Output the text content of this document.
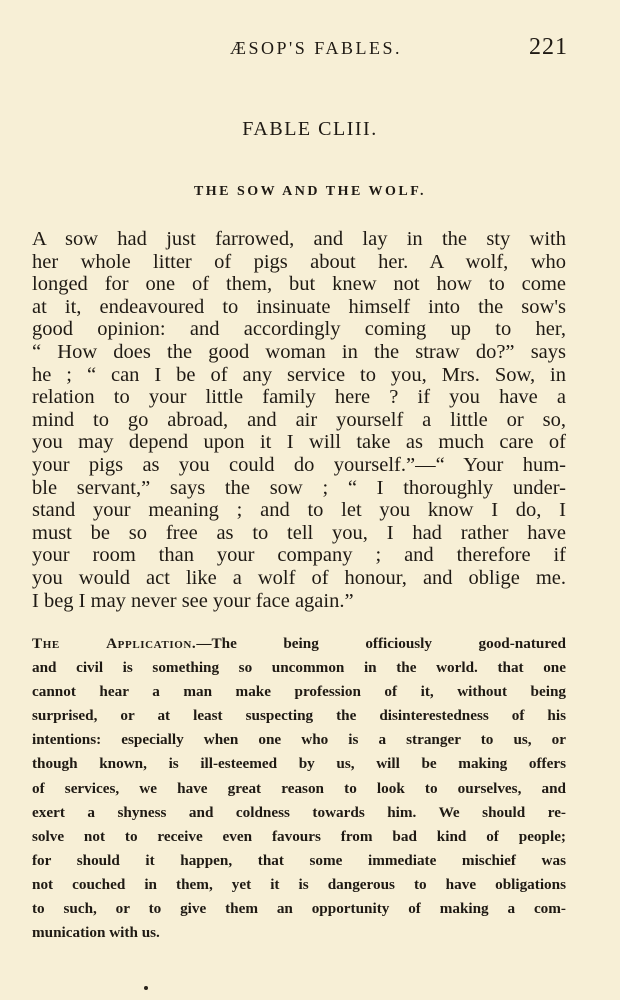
ÆSOP'S FABLES.	221
FABLE CLIII.
THE SOW AND THE WOLF.
A sow had just farrowed, and lay in the sty with
her whole litter of pigs about her. A wolf, who
longed for one of them, but knew not how to come
at it, endeavoured to insinuate himself into the sow's
good opinion: and accordingly coming up to her,
“ How does the good woman in the straw do?” says
he ; “ can I be of any service to you, Mrs. Sow, in
relation to your little family here ? if you have a
mind to go abroad, and air yourself a little or so,
you may depend upon it I will take as much care of
your pigs as you could do yourself.”—“ Your hum-
ble servant,” says the sow ; “ I thoroughly under-
stand your meaning ; and to let you know I do, I
must be so free as to tell you, I had rather have
your room than your company ; and therefore if
you would act like a wolf of honour, and oblige me.
I beg I may never see your face again.”
The Application.—The being officiously good-natured
and civil is something so uncommon in the world. that one
cannot hear a man make profession of it, without being
surprised, or at least suspecting the disinterestedness of his
intentions: especially when one who is a stranger to us, or
though known, is ill-esteemed by us, will be making offers
of services, we have great reason to look to ourselves, and
exert a shyness and coldness towards him. We should re-
solve not to receive even favours from bad kind of people;
for should it happen, that some immediate mischief was
not couched in them, yet it is dangerous to have obligations
to such, or to give them an opportunity of making a com-
munication with us.
